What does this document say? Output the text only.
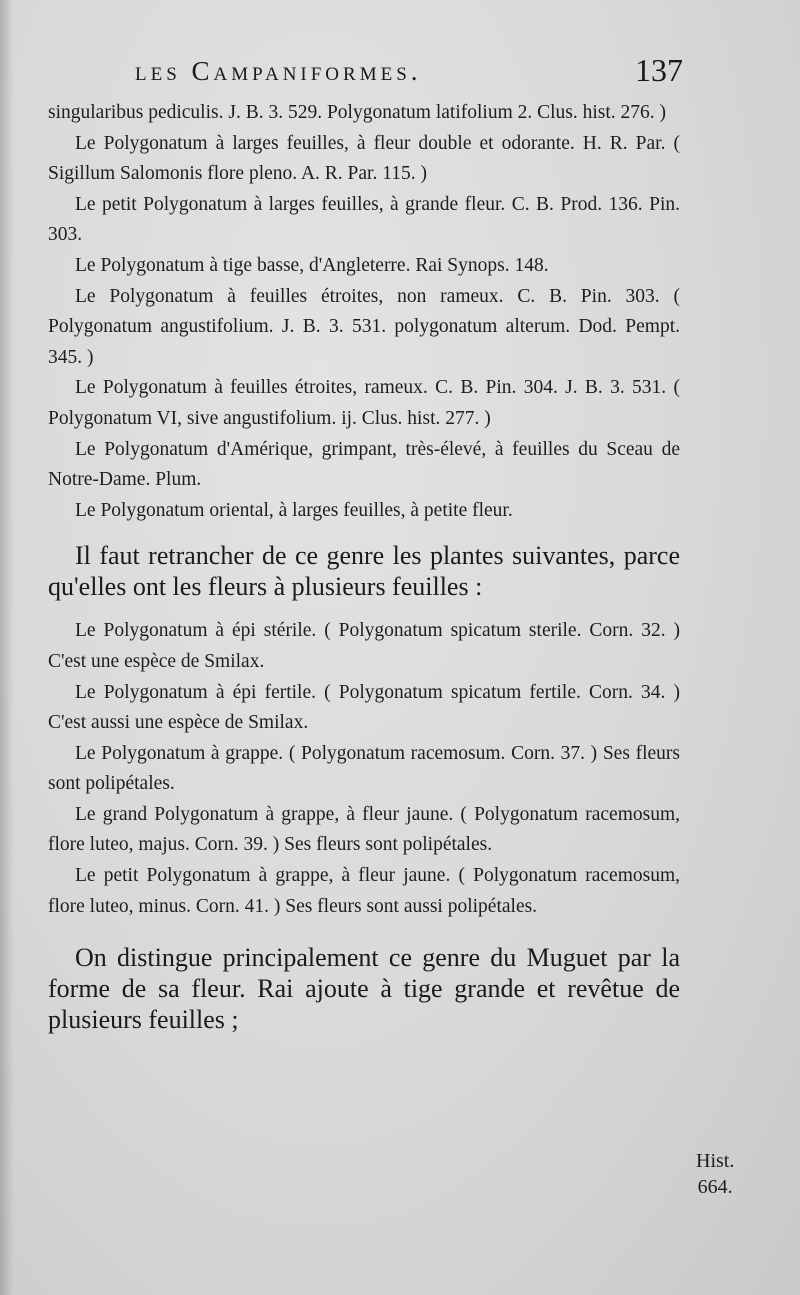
les Campaniformes.	137

singularibus pediculis. J. B. 3. 529. Polygonatum latifolium 2. Clus. hist. 276. )

Le Polygonatum à larges feuilles, à fleur double et odorante. H. R. Par. ( Sigillum Salomonis flore pleno. A. R. Par. 115. )

Le petit Polygonatum à larges feuilles, à grande fleur. C. B. Prod. 136. Pin. 303.

Le Polygonatum à tige basse, d'Angleterre. Rai Synops. 148.

Le Polygonatum à feuilles étroites, non rameux. C. B. Pin. 303. ( Polygonatum angustifolium. J. B. 3. 531. polygonatum alterum. Dod. Pempt. 345. )

Le Polygonatum à feuilles étroites, rameux. C. B. Pin. 304. J. B. 3. 531. ( Polygonatum VI, sive angustifolium. ij. Clus. hist. 277. )

Le Polygonatum d'Amérique, grimpant, très-élevé, à feuilles du Sceau de Notre-Dame. Plum.

Le Polygonatum oriental, à larges feuilles, à petite fleur.

Il faut retrancher de ce genre les plantes suivantes, parce qu'elles ont les fleurs à plusieurs feuilles :

Le Polygonatum à épi stérile. ( Polygonatum spicatum sterile. Corn. 32. ) C'est une espèce de Smilax.

Le Polygonatum à épi fertile. ( Polygonatum spicatum fertile. Corn. 34. ) C'est aussi une espèce de Smilax.

Le Polygonatum à grappe. ( Polygonatum racemosum. Corn. 37. ) Ses fleurs sont polipétales.

Le grand Polygonatum à grappe, à fleur jaune. ( Polygonatum racemosum, flore luteo, majus. Corn. 39. ) Ses fleurs sont polipétales.

Le petit Polygonatum à grappe, à fleur jaune. ( Polygonatum racemosum, flore luteo, minus. Corn. 41. ) Ses fleurs sont aussi polipétales.

On distingue principalement ce genre du Muguet par la forme de sa fleur. Rai ajoute à tige grande et revêtue de plusieurs feuilles ;

Hist.
664.
